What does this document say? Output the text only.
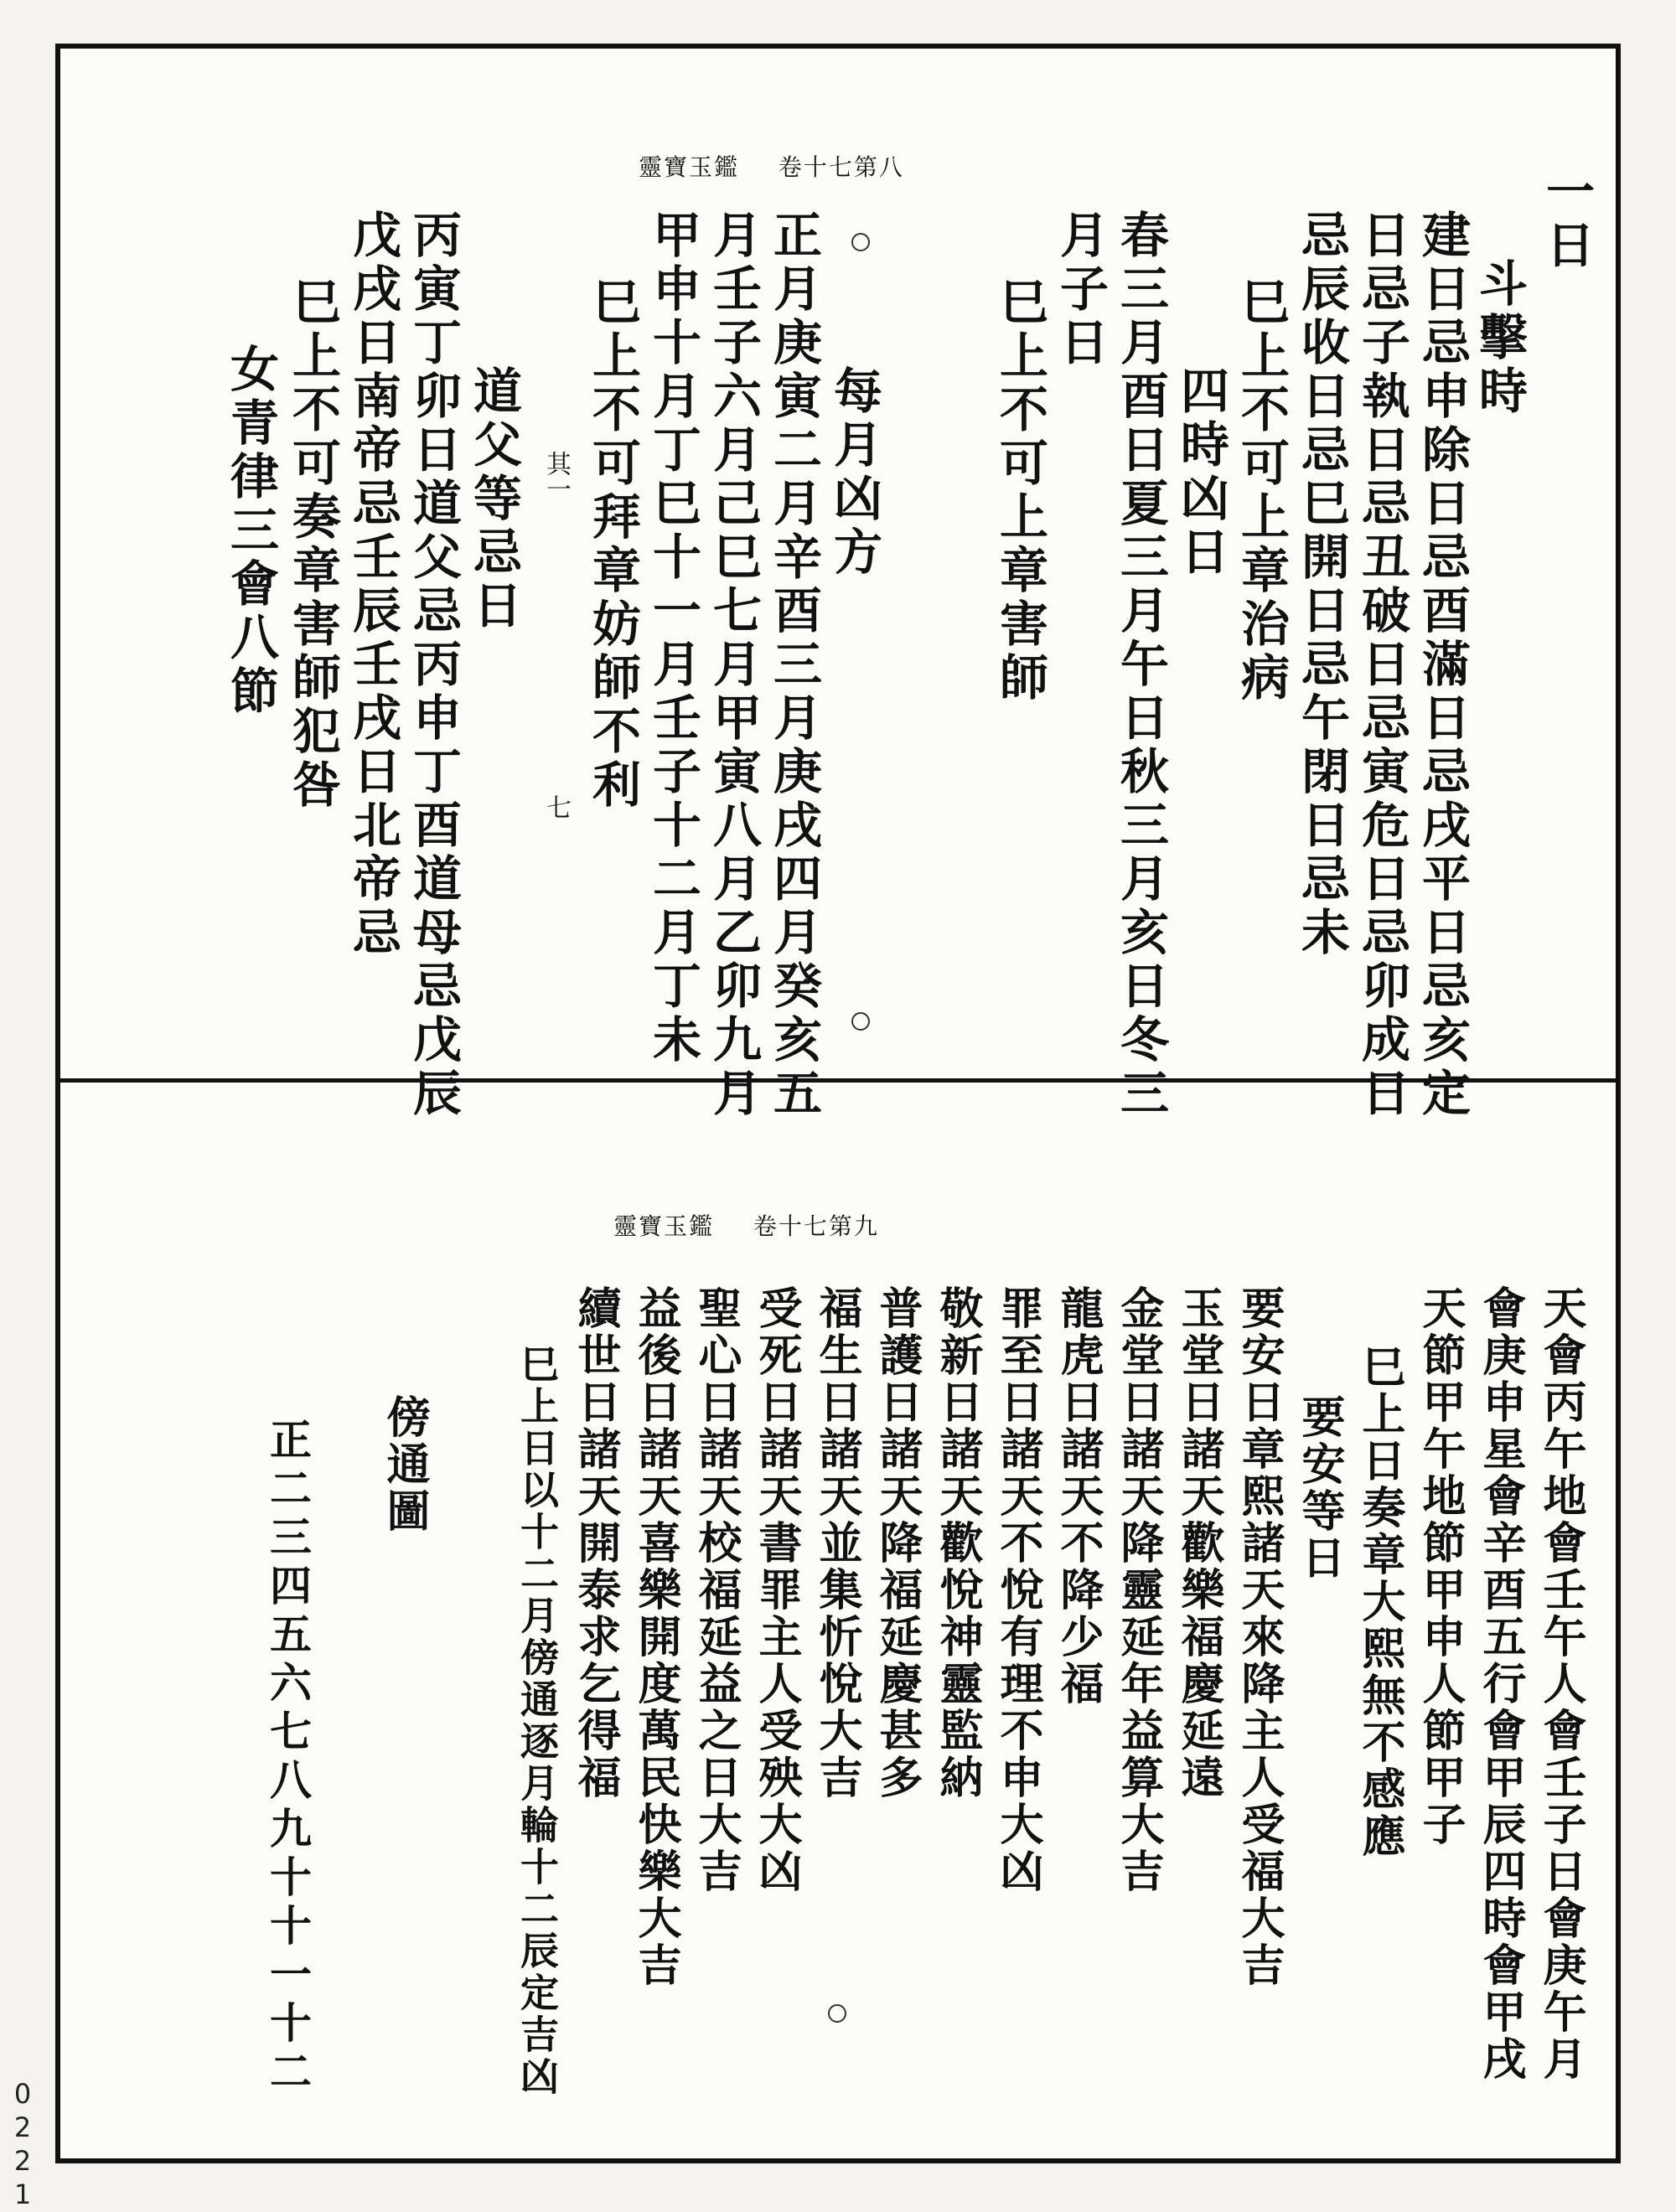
靈寶玉鑑 卷十七第八	一日
斗擊時
建日忌申除日忌酉滿日忌戌平日忌亥定
日忌子執日忌丑破日忌寅危日忌卯成日
忌辰收日忌巳開日忌午閉日忌未
巳上不可上章治病
四時凶日
春三月酉日夏三月午日秋三月亥日冬三
月子日
巳上不可上章害師
每月凶方
正月庚寅二月辛酉三月庚戌四月癸亥五
月壬子六月己巳七月甲寅八月乙卯九月
甲申十月丁巳十一月壬子十二月丁未
巳上不可拜章妨師不利
其一
七
道父等忌日
丙寅丁卯日道父忌丙申丁酉道母忌戊辰
戊戌日南帝忌壬辰壬戌日北帝忌
巳上不可奏章害師犯咎
女青律三會八節
靈寶玉鑑 卷十七第九
天會丙午地會壬午人會壬子日會庚午月
會庚申星會辛酉五行會甲辰四時會甲戌
天節甲午地節甲申人節甲子
巳上日奏章大熙無不感應
要安等日
要安日章熙諸天來降主人受福大吉
玉堂日諸天歡樂福慶延遠
金堂日諸天降靈延年益算大吉
龍虎日諸天不降少福
罪至日諸天不悅有理不申大凶
敬新日諸天歡悅神靈監納
普護日諸天降福延慶甚多
福生日諸天並集忻悅大吉
受死日諸天書罪主人受殃大凶
聖心日諸天校福延益之日大吉
益後日諸天喜樂開度萬民快樂大吉
續世日諸天開泰求乞得福
巳上日以十二月傍通逐月輪十二辰定吉凶
傍通圖
正二三四五六七八九十十一十二
0221
